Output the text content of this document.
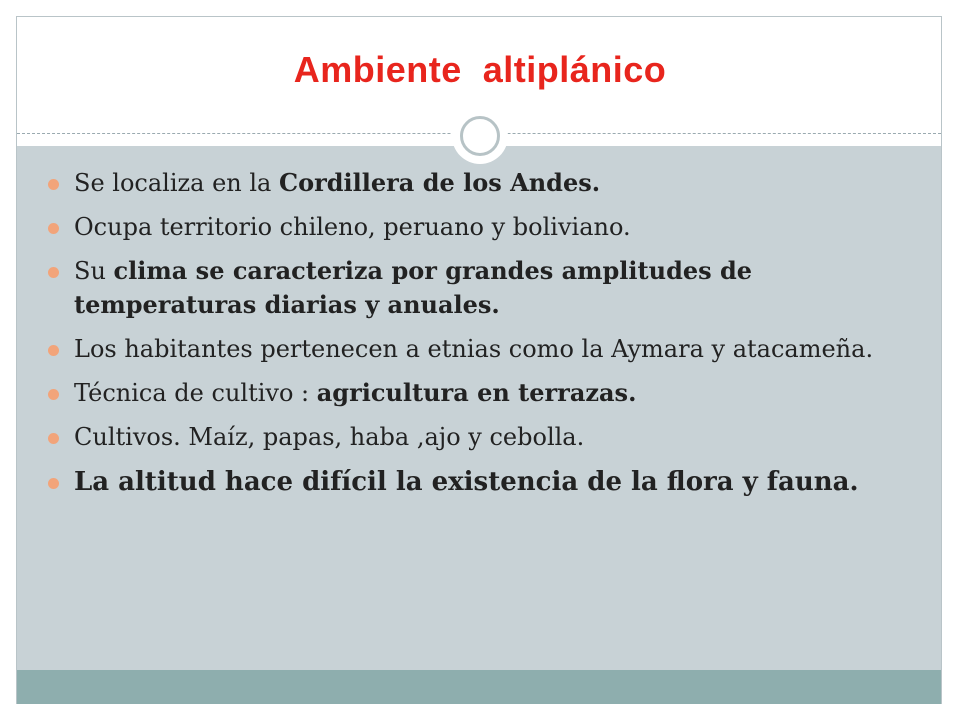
Ambiente  altiplánico
Se localiza en la Cordillera de los Andes.
Ocupa territorio chileno, peruano y boliviano.
Su clima se caracteriza por grandes amplitudes de temperaturas diarias y anuales.
Los habitantes pertenecen a etnias como la Aymara y atacameña.
Técnica de cultivo : agricultura en terrazas.
Cultivos. Maíz, papas, haba ,ajo y cebolla.
La altitud hace difícil la existencia de la flora y fauna.
